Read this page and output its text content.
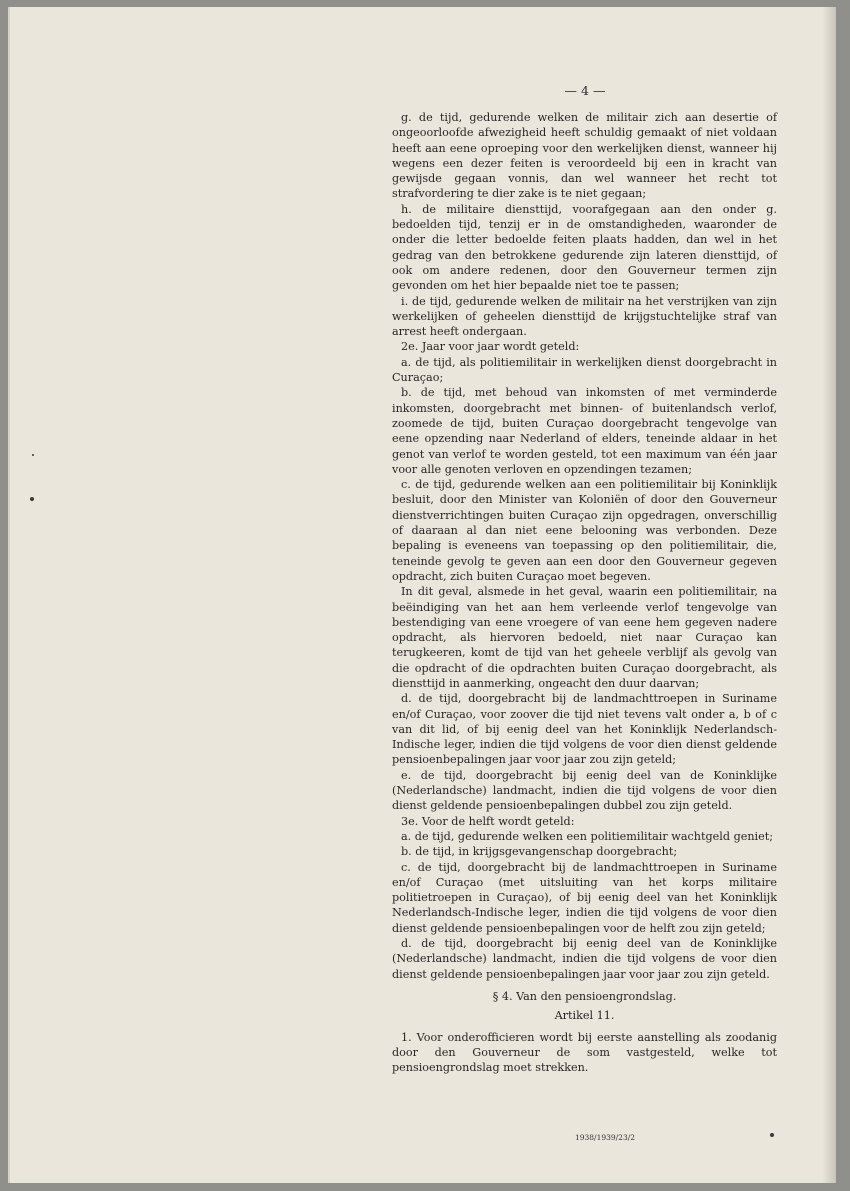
— 4 —

g. de tijd, gedurende welken de militair zich aan desertie of ongeoorloofde afwezigheid heeft schuldig gemaakt of niet voldaan heeft aan eene oproeping voor den werkelijken dienst, wanneer hij wegens een dezer feiten is veroordeeld bij een in kracht van gewijsde gegaan vonnis, dan wel wanneer het recht tot strafvordering te dier zake is te niet gegaan;

h. de militaire diensttijd, voorafgegaan aan den onder g. bedoelden tijd, tenzij er in de omstandigheden, waaronder de onder die letter bedoelde feiten plaats hadden, dan wel in het gedrag van den betrokkene gedurende zijn lateren diensttijd, of ook om andere redenen, door den Gouverneur termen zijn gevonden om het hier bepaalde niet toe te passen;

i. de tijd, gedurende welken de militair na het verstrijken van zijn werkelijken of geheelen diensttijd de krijgstuchtelijke straf van arrest heeft ondergaan.

2e. Jaar voor jaar wordt geteld:

a. de tijd, als politiemilitair in werkelijken dienst doorgebracht in Curaçao;

b. de tijd, met behoud van inkomsten of met verminderde inkomsten, doorgebracht met binnen- of buitenlandsch verlof, zoomede de tijd, buiten Curaçao doorgebracht tengevolge van eene opzending naar Nederland of elders, teneinde aldaar in het genot van verlof te worden gesteld, tot een maximum van één jaar voor alle genoten verloven en opzendingen tezamen;

c. de tijd, gedurende welken aan een politiemilitair bij Koninklijk besluit, door den Minister van Koloniën of door den Gouverneur dienstverrichtingen buiten Curaçao zijn opgedragen, onverschillig of daaraan al dan niet eene belooning was verbonden. Deze bepaling is eveneens van toepassing op den politiemilitair, die, teneinde gevolg te geven aan een door den Gouverneur gegeven opdracht, zich buiten Curaçao moet begeven.

In dit geval, alsmede in het geval, waarin een politiemilitair, na beëindiging van het aan hem verleende verlof tengevolge van bestendiging van eene vroegere of van eene hem gegeven nadere opdracht, als hiervoren bedoeld, niet naar Curaçao kan terugkeeren, komt de tijd van het geheele verblijf als gevolg van die opdracht of die opdrachten buiten Curaçao doorgebracht, als diensttijd in aanmerking, ongeacht den duur daarvan;

d. de tijd, doorgebracht bij de landmachttroepen in Suriname en/of Curaçao, voor zoover die tijd niet tevens valt onder a, b of c van dit lid, of bij eenig deel van het Koninklijk Nederlandsch-Indische leger, indien die tijd volgens de voor dien dienst geldende pensioenbepalingen jaar voor jaar zou zijn geteld;

e. de tijd, doorgebracht bij eenig deel van de Koninklijke (Nederlandsche) landmacht, indien die tijd volgens de voor dien dienst geldende pensioenbepalingen dubbel zou zijn geteld.

3e. Voor de helft wordt geteld:

a. de tijd, gedurende welken een politiemilitair wachtgeld geniet;

b. de tijd, in krijgsgevangenschap doorgebracht;

c. de tijd, doorgebracht bij de landmachttroepen in Suriname en/of Curaçao (met uitsluiting van het korps militaire politietroepen in Curaçao), of bij eenig deel van het Koninklijk Nederlandsch-Indische leger, indien die tijd volgens de voor dien dienst geldende pensioenbepalingen voor de helft zou zijn geteld;

d. de tijd, doorgebracht bij eenig deel van de Koninklijke (Nederlandsche) landmacht, indien die tijd volgens de voor dien dienst geldende pensioenbepalingen jaar voor jaar zou zijn geteld.

§ 4. Van den pensioengrondslag.

Artikel 11.

1. Voor onderofficieren wordt bij eerste aanstelling als zoodanig door den Gouverneur de som vastgesteld, welke tot pensioengrondslag moet strekken.

1938/1939/23/2
